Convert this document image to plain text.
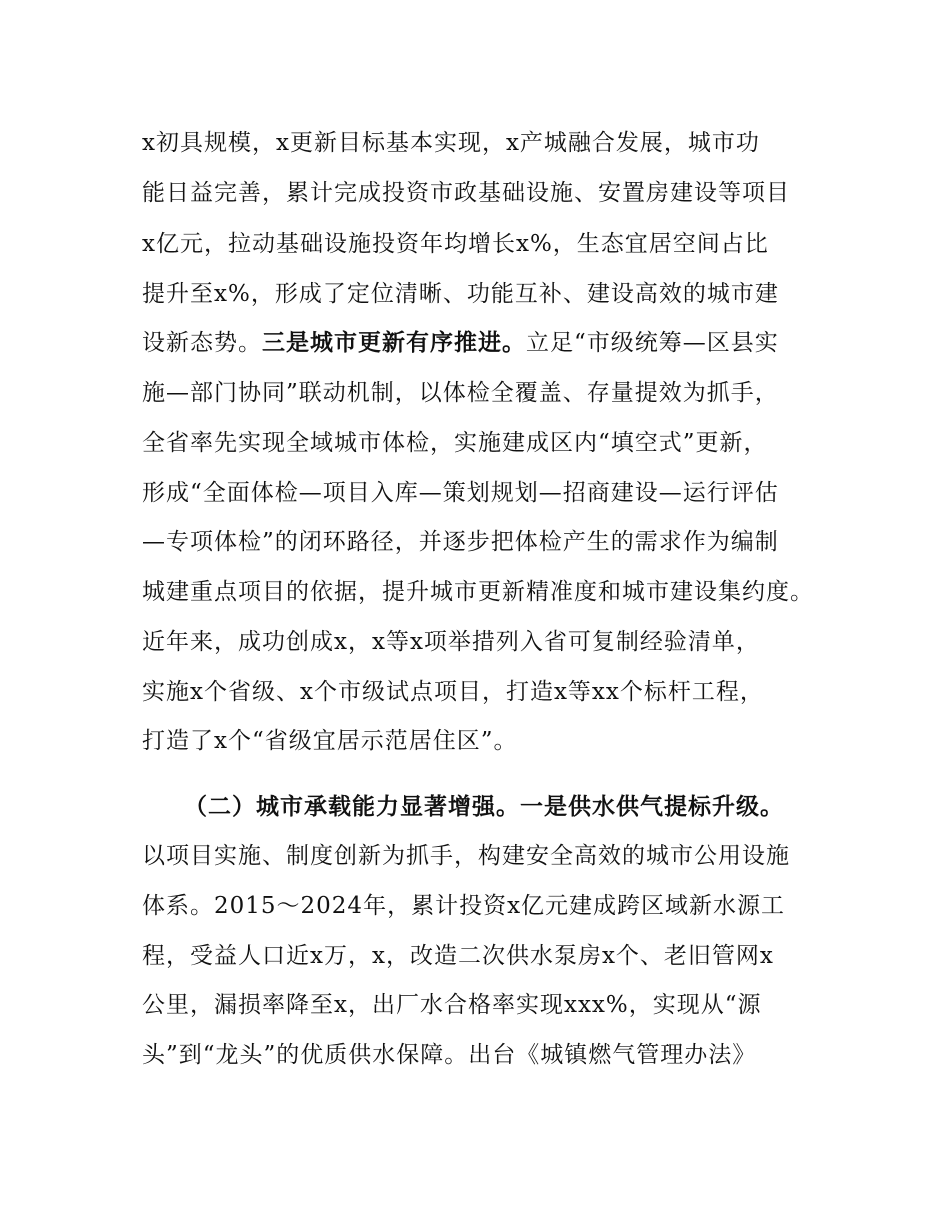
x初具规模，x更新目标基本实现，x产城融合发展，城市功
能日益完善，累计完成投资市政基础设施、安置房建设等项目
x亿元，拉动基础设施投资年均增长x%，生态宜居空间占比
提升至x%，形成了定位清晰、功能互补、建设高效的城市建
设新态势。三是城市更新有序推进。立足“市级统筹—区县实
施—部门协同”联动机制，以体检全覆盖、存量提效为抓手，
全省率先实现全域城市体检，实施建成区内“填空式”更新，
形成“全面体检—项目入库—策划规划—招商建设—运行评估
—专项体检”的闭环路径，并逐步把体检产生的需求作为编制
城建重点项目的依据，提升城市更新精准度和城市建设集约度。
近年来，成功创成x，x等x项举措列入省可复制经验清单，
实施x个省级、x个市级试点项目，打造x等xx个标杆工程，
打造了x个“省级宜居示范居住区”。
（二）城市承载能力显著增强。一是供水供气提标升级。
以项目实施、制度创新为抓手，构建安全高效的城市公用设施
体系。2015～2024年，累计投资x亿元建成跨区域新水源工
程，受益人口近x万，x，改造二次供水泵房x个、老旧管网x
公里，漏损率降至x，出厂水合格率实现xxx%，实现从“源
头”到“龙头”的优质供水保障。出台《城镇燃气管理办法》
